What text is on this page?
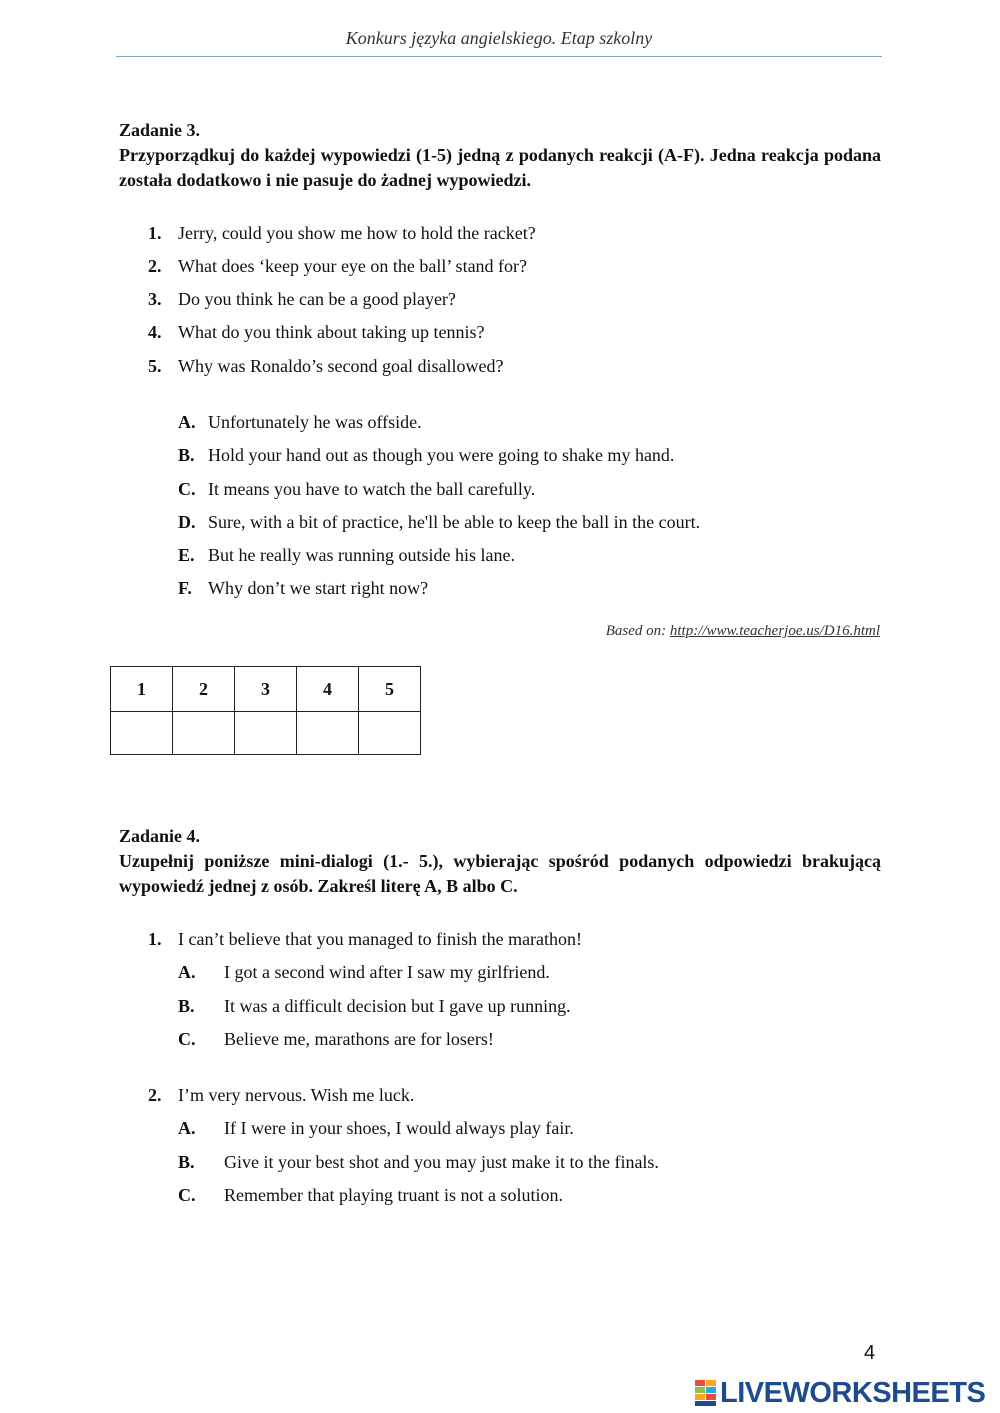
Konkurs języka angielskiego. Etap szkolny
Zadanie 3.
Przyporządkuj do każdej wypowiedzi (1-5) jedną z podanych reakcji (A-F). Jedna reakcja podana została dodatkowo i nie pasuje do żadnej wypowiedzi.
1. Jerry, could you show me how to hold the racket?
2. What does ‘keep your eye on the ball’ stand for?
3. Do you think he can be a good player?
4. What do you think about taking up tennis?
5. Why was Ronaldo’s second goal disallowed?
A. Unfortunately he was offside.
B. Hold your hand out as though you were going to shake my hand.
C. It means you have to watch the ball carefully.
D. Sure, with a bit of practice, he'll be able to keep the ball in the court.
E. But he really was running outside his lane.
F. Why don’t we start right now?
Based on: http://www.teacherjoe.us/D16.html
1	2	3	4	5

Zadanie 4.
Uzupełnij poniższe mini-dialogi (1.- 5.), wybierając spośród podanych odpowiedzi brakującą wypowiedź jednej z osób. Zakreśl literę A, B albo C.
1. I can’t believe that you managed to finish the marathon!
A. I got a second wind after I saw my girlfriend.
B. It was a difficult decision but I gave up running.
C. Believe me, marathons are for losers!
2. I’m very nervous. Wish me luck.
A. If I were in your shoes, I would always play fair.
B. Give it your best shot and you may just make it to the finals.
C. Remember that playing truant is not a solution.
4
LIVEWORKSHEETS
